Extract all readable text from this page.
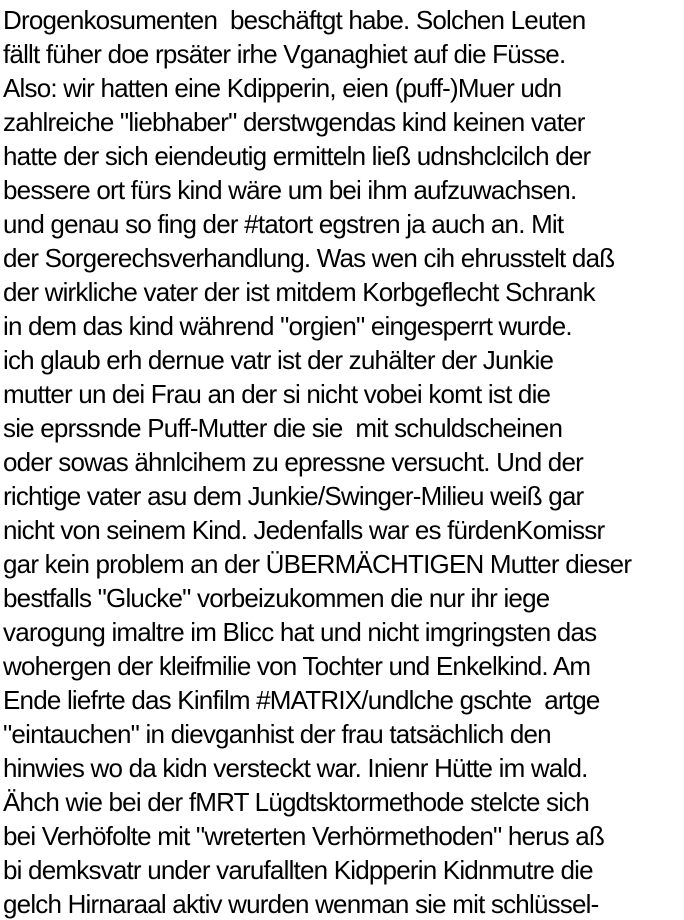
Drogenkosumenten  beschäftgt habe. Solchen Leuten
fällt füher doe rpsäter irhe Vganaghiet auf die Füsse.
Also: wir hatten eine Kdipperin, eien (puff-)Muer udn
zahlreiche "liebhaber" derstwgendas kind keinen vater
hatte der sich eiendeutig ermitteln ließ udnshclcilch der
bessere ort fürs kind wäre um bei ihm aufzuwachsen.
und genau so fing der #tatort egstren ja auch an. Mit
der Sorgerechsverhandlung. Was wen cih ehrusstelt daß
der wirkliche vater der ist mitdem Korbgeflecht Schrank
in dem das kind während "orgien" eingesperrt wurde.
ich glaub erh dernue vatr ist der zuhälter der Junkie
mutter un dei Frau an der si nicht vobei komt ist die
sie eprssnde Puff-Mutter die sie  mit schuldscheinen
oder sowas ähnlcihem zu epressne versucht. Und der
richtige vater asu dem Junkie/Swinger-Milieu weiß gar
nicht von seinem Kind. Jedenfalls war es fürdenKomissr
gar kein problem an der ÜBERMÄCHTIGEN Mutter dieser
bestfalls "Glucke" vorbeizukommen die nur ihr iege
varogung imaltre im Blicc hat und nicht imgringsten das
wohergen der kleifmilie von Tochter und Enkelkind. Am
Ende liefrte das Kinfilm #MATRIX/undlche gschte  artge
"eintauchen" in dievganhist der frau tatsächlich den
hinwies wo da kidn versteckt war. Inienr Hütte im wald.
Ähch wie bei der fMRT Lügdtsktormethode stelcte sich
bei Verhöfolte mit "wreterten Verhörmethoden" herus aß
bi demksvatr under varufallten Kidpperin Kidnmutre die
gelch Hirnaraal aktiv wurden wenman sie mit schlüssel-
